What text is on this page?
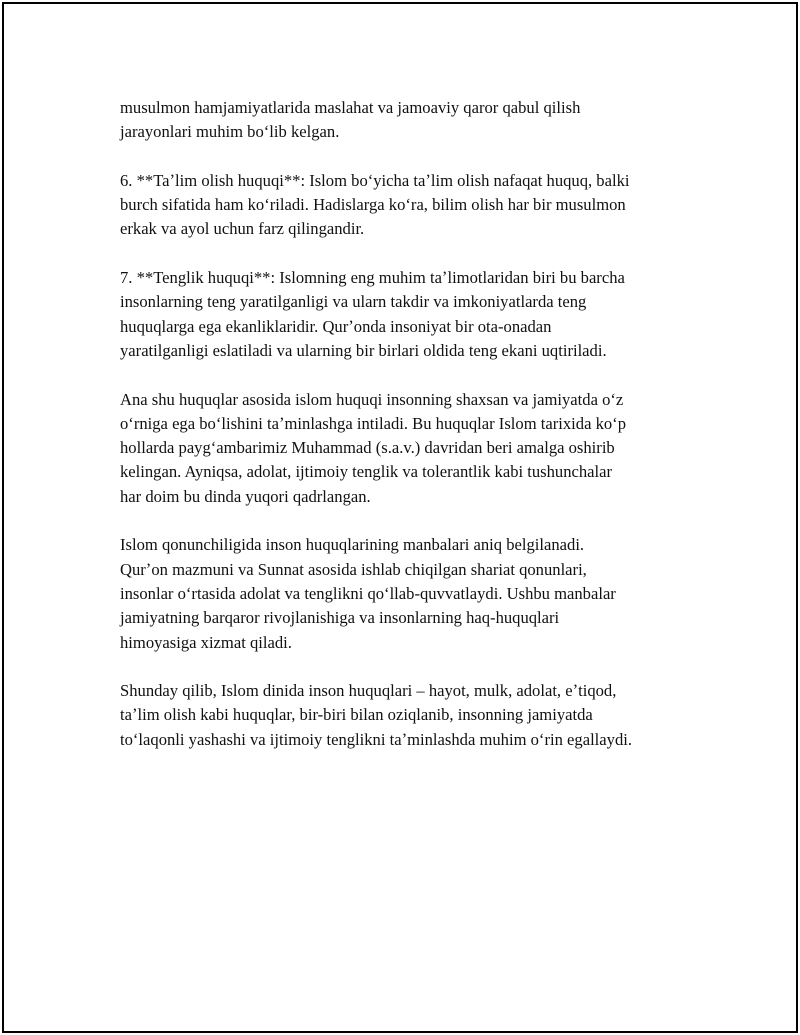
musulmon hamjamiyatlarida maslahat va jamoaviy qaror qabul qilish
jarayonlari muhim boʻlib kelgan.

6. **Taʼlim olish huquqi**: Islom boʻyicha taʼlim olish nafaqat huquq, balki
burch sifatida ham koʻriladi. Hadislarga koʻra, bilim olish har bir musulmon
erkak va ayol uchun farz qilingandir.

7. **Tenglik huquqi**: Islomning eng muhim taʼlimotlaridan biri bu barcha
insonlarning teng yaratilganligi va ularn takdir va imkoniyatlarda teng
huquqlarga ega ekanliklaridir. Qurʼonda insoniyat bir ota-onadan
yaratilganligi eslatiladi va ularning bir birlari oldida teng ekani uqtiriladi.

Ana shu huquqlar asosida islom huquqi insonning shaxsan va jamiyatda oʻz
oʻrniga ega boʻlishini taʼminlashga intiladi. Bu huquqlar Islom tarixida koʻp
hollarda paygʻambarimiz Muhammad (s.a.v.) davridan beri amalga oshirib
kelingan. Ayniqsa, adolat, ijtimoiy tenglik va tolerantlik kabi tushunchalar
har doim bu dinda yuqori qadrlangan.

Islom qonunchiligida inson huquqlarining manbalari aniq belgilanadi.
Qurʼon mazmuni va Sunnat asosida ishlab chiqilgan shariat qonunlari,
insonlar oʻrtasida adolat va tenglikni qoʻllab-quvvatlaydi. Ushbu manbalar
jamiyatning barqaror rivojlanishiga va insonlarning haq-huquqlari
himoyasiga xizmat qiladi.

Shunday qilib, Islom dinida inson huquqlari – hayot, mulk, adolat, eʼtiqod,
taʼlim olish kabi huquqlar, bir-biri bilan oziqlanib, insonning jamiyatda
toʻlaqonli yashashi va ijtimoiy tenglikni taʼminlashda muhim oʻrin egallaydi.
